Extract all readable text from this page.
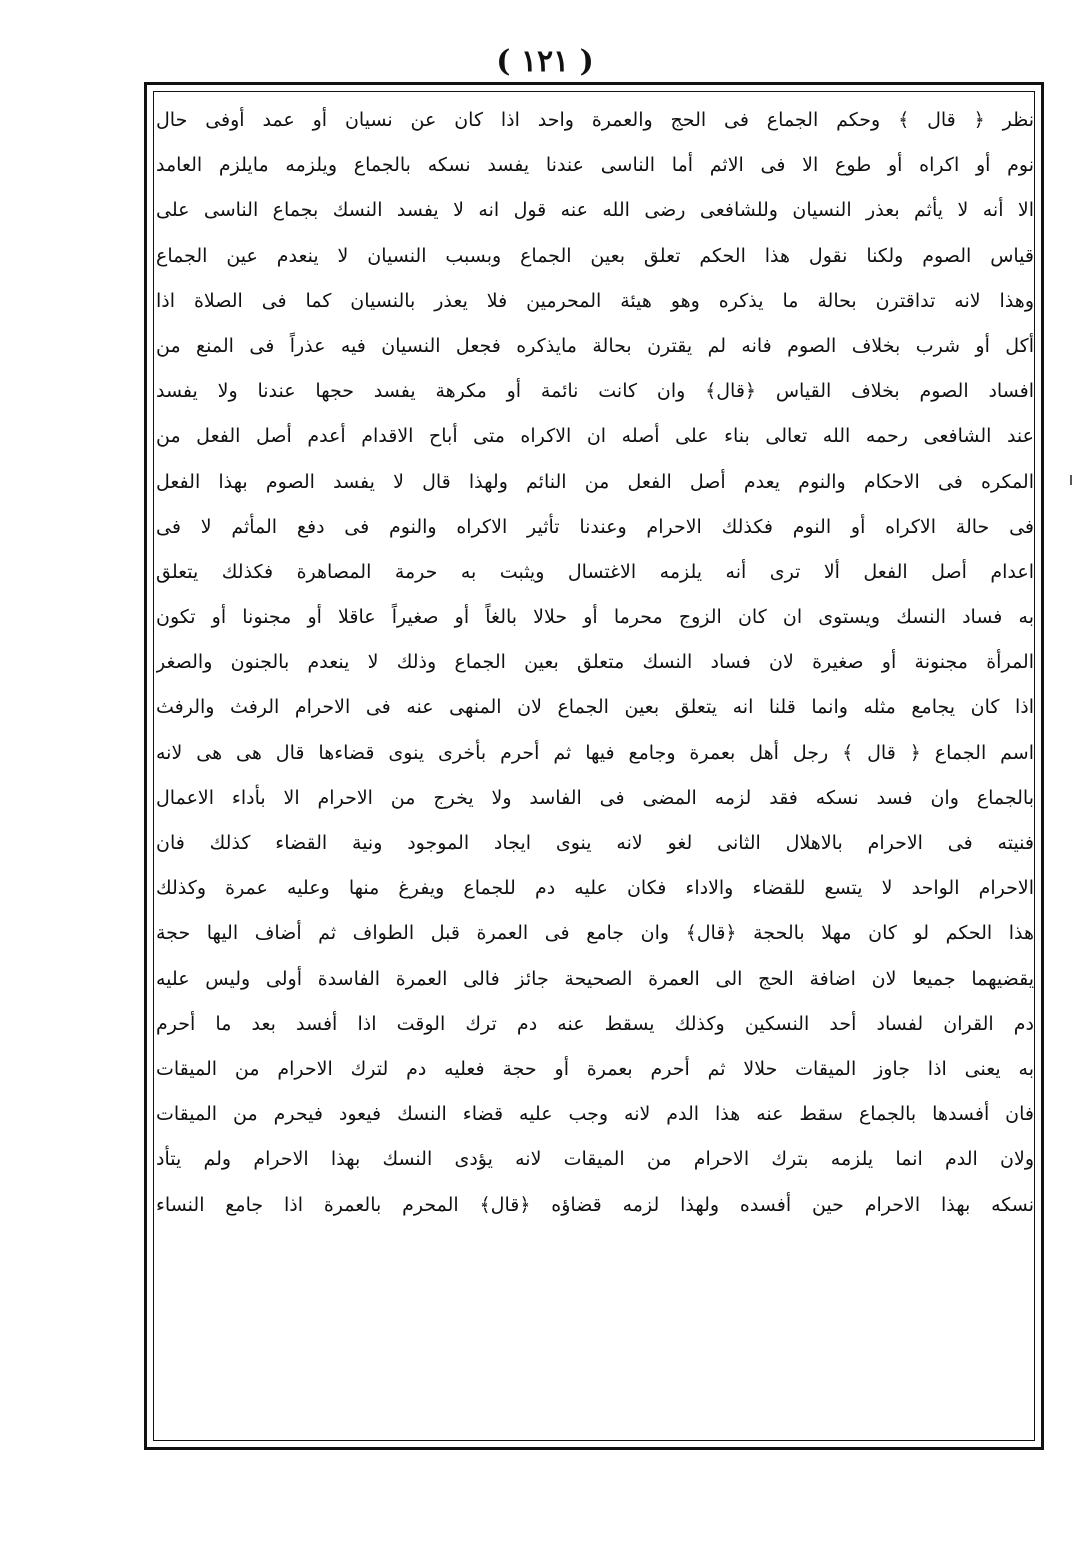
( ١٢١ )
نظر ﴿ قال ﴾ وحكم الجماع فى الحج والعمرة واحد اذا كان عن نسيان أو عمد أوفى حال
نوم أو اكراه أو طوع الا فى الاثم أما الناسى عندنا يفسد نسكه بالجماع ويلزمه مايلزم العامد
الا أنه لا يأثم بعذر النسيان وللشافعى رضى الله عنه قول انه لا يفسد النسك بجماع الناسى على
قياس الصوم ولكنا نقول هذا الحكم تعلق بعين الجماع وبسبب النسيان لا ينعدم عين الجماع
وهذا لانه تداقترن بحالة ما يذكره وهو هيئة المحرمين فلا يعذر بالنسيان كما فى الصلاة اذا
أكل أو شرب بخلاف الصوم فانه لم يقترن بحالة مايذكره فجعل النسيان فيه عذراً فى المنع من
افساد الصوم بخلاف القياس ﴿قال﴾ وان كانت نائمة أو مكرهة يفسد حجها عندنا ولا يفسد
عند الشافعى رحمه الله تعالى بناء على أصله ان الاكراه متى أباح الاقدام أعدم أصل الفعل من
المكره فى الاحكام والنوم يعدم أصل الفعل من النائم ولهذا قال لا يفسد الصوم بهذا الفعل
فى حالة الاكراه أو النوم فكذلك الاحرام وعندنا تأثير الاكراه والنوم فى دفع المأثم لا فى
اعدام أصل الفعل ألا ترى أنه يلزمه الاغتسال ويثبت به حرمة المصاهرة فكذلك يتعلق
به فساد النسك ويستوى ان كان الزوج محرما أو حلالا بالغاً أو صغيراً عاقلا أو مجنونا أو تكون
المرأة مجنونة أو صغيرة لان فساد النسك متعلق بعين الجماع وذلك لا ينعدم بالجنون والصغر
اذا كان يجامع مثله وانما قلنا انه يتعلق بعين الجماع لان المنهى عنه فى الاحرام الرفث والرفث
اسم الجماع ﴿ قال ﴾ رجل أهل بعمرة وجامع فيها ثم أحرم بأخرى ينوى قضاءها قال هى هى لانه
بالجماع وان فسد نسكه فقد لزمه المضى فى الفاسد ولا يخرج من الاحرام الا بأداء الاعمال
فنيته فى الاحرام بالاهلال الثانى لغو لانه ينوى ايجاد الموجود ونية القضاء كذلك فان
الاحرام الواحد لا يتسع للقضاء والاداء فكان عليه دم للجماع ويفرغ منها وعليه عمرة وكذلك
هذا الحكم لو كان مهلا بالحجة ﴿قال﴾ وان جامع فى العمرة قبل الطواف ثم أضاف اليها حجة
يقضيهما جميعا لان اضافة الحج الى العمرة الصحيحة جائز فالى العمرة الفاسدة أولى وليس عليه
دم القران لفساد أحد النسكين وكذلك يسقط عنه دم ترك الوقت اذا أفسد بعد ما أحرم
به يعنى اذا جاوز الميقات حلالا ثم أحرم بعمرة أو حجة فعليه دم لترك الاحرام من الميقات
فان أفسدها بالجماع سقط عنه هذا الدم لانه وجب عليه قضاء النسك فيعود فيحرم من الميقات
ولان الدم انما يلزمه بترك الاحرام من الميقات لانه يؤدى النسك بهذا الاحرام ولم يتأد
نسكه بهذا الاحرام حين أفسده ولهذا لزمه قضاؤه ﴿قال﴾ المحرم بالعمرة اذا جامع النساء
